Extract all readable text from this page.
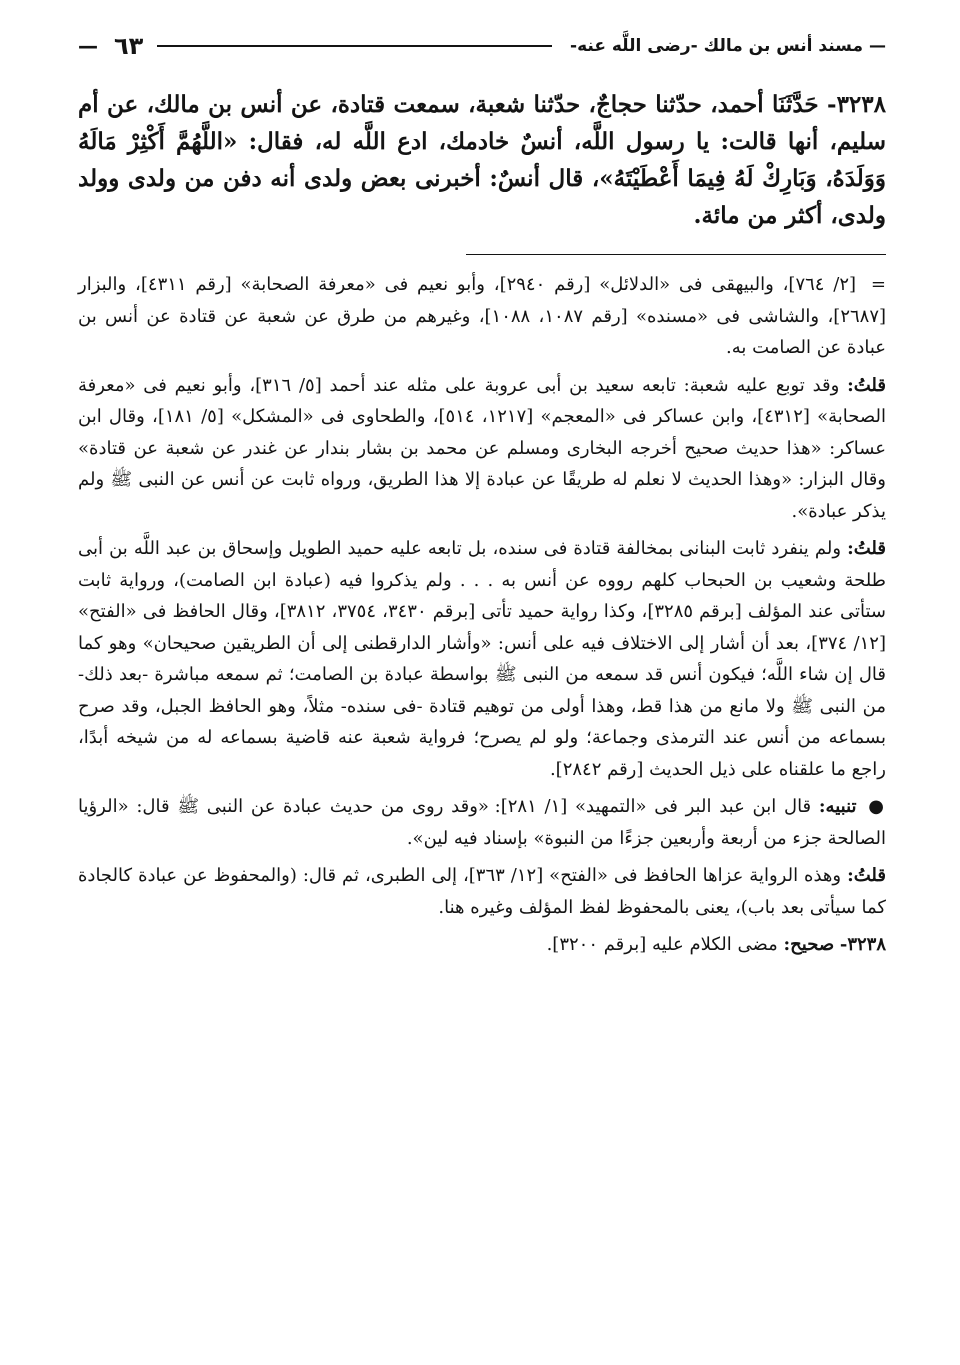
—مسند أنس بن مالك -رضى اللَّه عنه-
٦٣
—
٣٢٣٨- حَدَّثَنَا أحمد، حدّثنا حجاجٌ، حدّثنا شعبة، سمعت قتادة، عن أنس بن مالك، عن أم سليم، أنها قالت: يا رسول اللَّه، أنسٌ خادمك، ادع اللَّه له، فقال: «اللَّهُمَّ أَكْثِرْ مَالَهُ وَوَلَدَهُ، وَبَارِكْ لَهُ فِيمَا أَعْطَيْتَهُ»، قال أنسٌ: أخبرنى بعض ولدى أنه دفن من ولدى وولد ولدى، أكثر من مائة.

= [٢/ ٧٦٤]، والبيهقى فى «الدلائل» [رقم ٢٩٤٠]، وأبو نعيم فى «معرفة الصحابة» [رقم ٤٣١١]، والبزار [٢٦٨٧]، والشاشى فى «مسنده» [رقم ١٠٨٧، ١٠٨٨]، وغيرهم من طرق عن شعبة عن قتادة عن أنس بن عبادة عن الصامت به.

قلتُ: وقد توبع عليه شعبة: تابعه سعيد بن أبى عروبة على مثله عند أحمد [٥/ ٣١٦]، وأبو نعيم فى «معرفة الصحابة» [٤٣١٢]، وابن عساكر فى «المعجم» [١٢١٧، ٥١٤]، والطحاوى فى «المشكل» [٥/ ١٨١]، وقال ابن عساكر: «هذا حديث صحيح أخرجه البخارى ومسلم عن محمد بن بشار بندار عن غندر عن شعبة عن قتادة» وقال البزار: «وهذا الحديث لا نعلم له طريقًا عن عبادة إلا هذا الطريق، ورواه ثابت عن أنس عن النبى ﷺ ولم يذكر عبادة».

قلتُ: ولم ينفرد ثابت البنانى بمخالفة قتادة فى سنده، بل تابعه عليه حميد الطويل وإسحاق بن عبد اللَّه بن أبى طلحة وشعيب بن الحبحاب كلهم رووه عن أنس به . . . ولم يذكروا فيه (عبادة ابن الصامت)، ورواية ثابت ستأتى عند المؤلف [برقم ٣٢٨٥]، وكذا رواية حميد تأتى [برقم ٣٤٣٠، ٣٧٥٤، ٣٨١٢]، وقال الحافظ فى «الفتح» [١٢/ ٣٧٤]، بعد أن أشار إلى الاختلاف فيه على أنس: «وأشار الدارقطنى إلى أن الطريقين صحيحان» وهو كما قال إن شاء اللَّه؛ فيكون أنس قد سمعه من النبى ﷺ بواسطة عبادة بن الصامت؛ ثم سمعه مباشرة -بعد ذلك- من النبى ﷺ ولا مانع من هذا قط، وهذا أولى من توهيم قتادة -فى سنده- مثلاً، وهو الحافظ الجبل، وقد صرح بسماعه من أنس عند الترمذى وجماعة؛ ولو لم يصرح؛ فرواية شعبة عنه قاضية بسماعه له من شيخه أبدًا، راجع ما علقناه على ذيل الحديث [رقم ٢٨٤٢].

● تنبيه: قال ابن عبد البر فى «التمهيد» [١/ ٢٨١]: «وقد روى من حديث عبادة عن النبى ﷺ قال: «الرؤيا الصالحة جزء من أربعة وأربعين جزءًا من النبوة» بإسناد فيه لين».

قلتُ: وهذه الرواية عزاها الحافظ فى «الفتح» [١٢/ ٣٦٣]، إلى الطبرى، ثم قال: (والمحفوظ عن عبادة كالجادة كما سيأتى بعد باب)، يعنى بالمحفوظ لفظ المؤلف وغيره هنا.

٣٢٣٨- صحيح: مضى الكلام عليه [برقم ٣٢٠٠].
